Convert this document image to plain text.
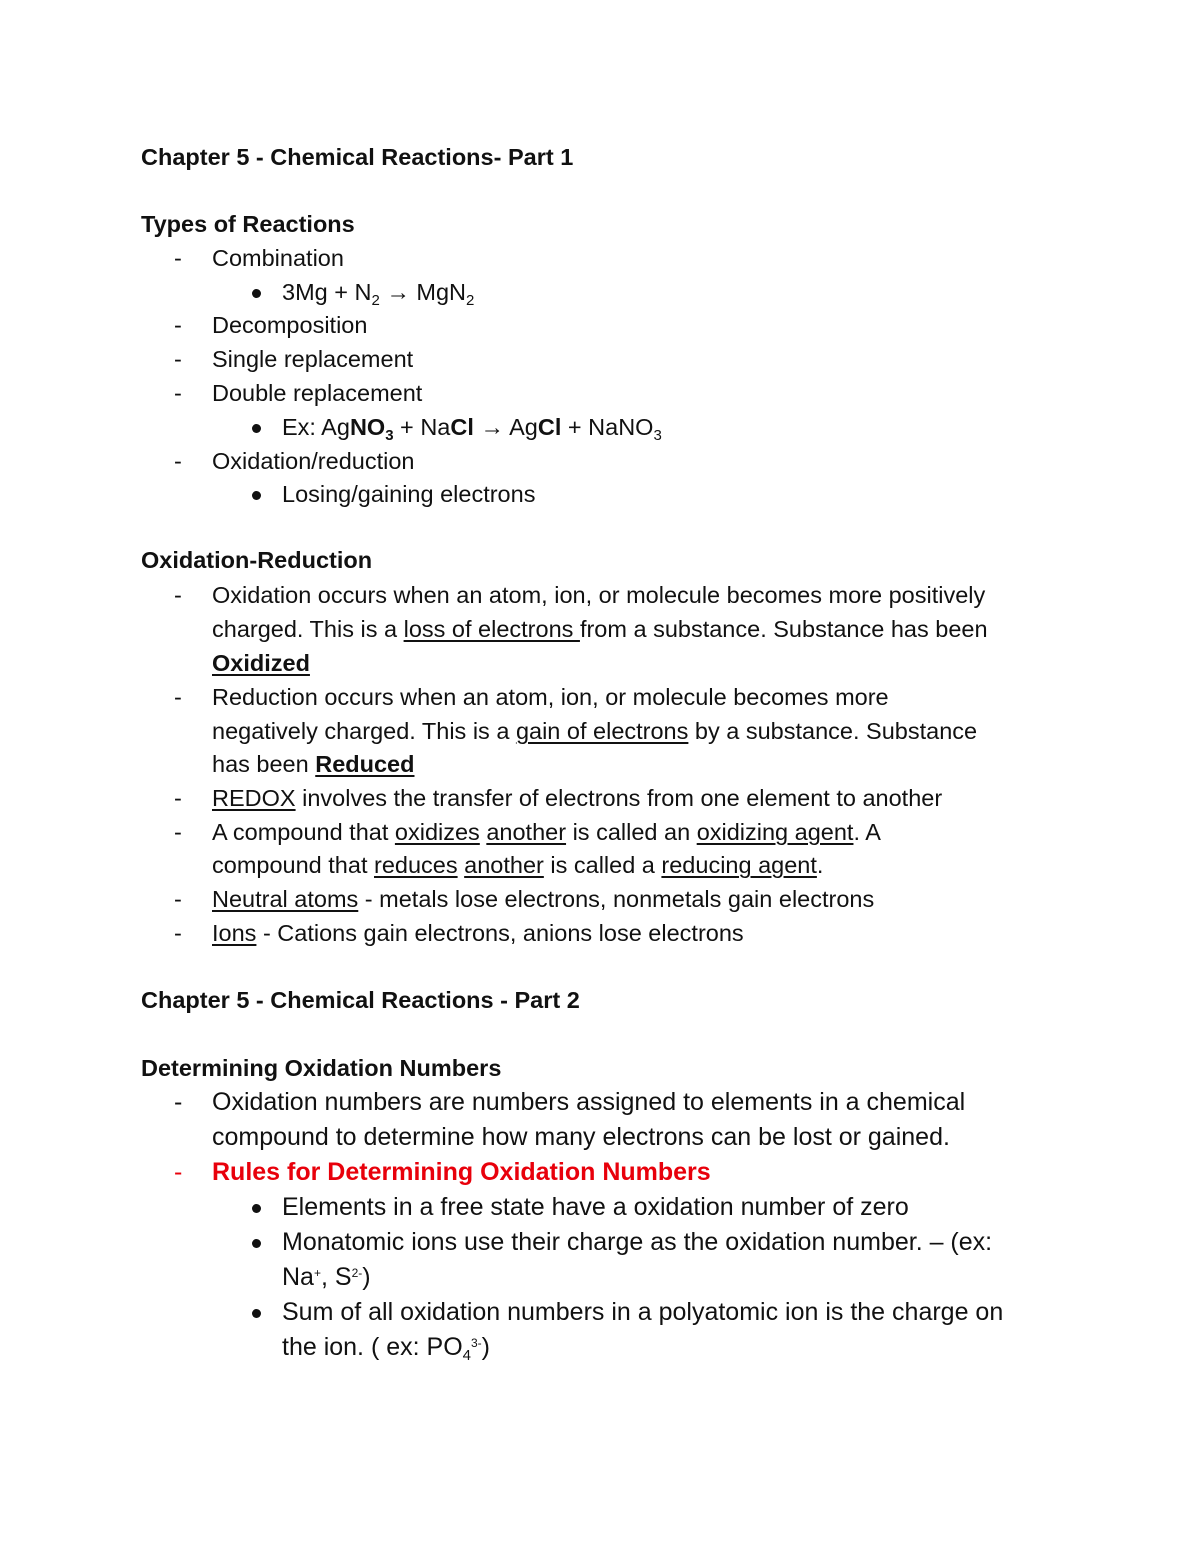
Chapter 5 - Chemical Reactions- Part 1
Types of Reactions
- Combination
$3Mg + N_2 \to MgN_2$
- Decomposition
- Single replacement
- Double replacement
Ex: AgNO$_3$ + NaCl → AgCl + NaNO$_3$
- Oxidation/reduction
Losing/gaining electrons
Oxidation-Reduction
- Oxidation occurs when an atom, ion, or molecule becomes more positively
charged. This is a loss of electrons from a substance. Substance has been
Oxidized
- Reduction occurs when an atom, ion, or molecule becomes more
negatively charged. This is a gain of electrons by a substance. Substance
has been Reduced
- REDOX involves the transfer of electrons from one element to another
- A compound that oxidizes another is called an oxidizing agent. A
compound that reduces another is called a reducing agent.
- Neutral atoms - metals lose electrons, nonmetals gain electrons
- Ions - Cations gain electrons, anions lose electrons
Chapter 5 - Chemical Reactions - Part 2
Determining Oxidation Numbers
- Oxidation numbers are numbers assigned to elements in a chemical
compound to determine how many electrons can be lost or gained.
- Rules for Determining Oxidation Numbers
Elements in a free state have a oxidation number of zero
Monatomic ions use their charge as the oxidation number. – (ex:
Na+, $S^{2-}$)
Sum of all oxidation numbers in a polyatomic ion is the charge on
the ion. ( ex: $PO_4^{3-}$)
